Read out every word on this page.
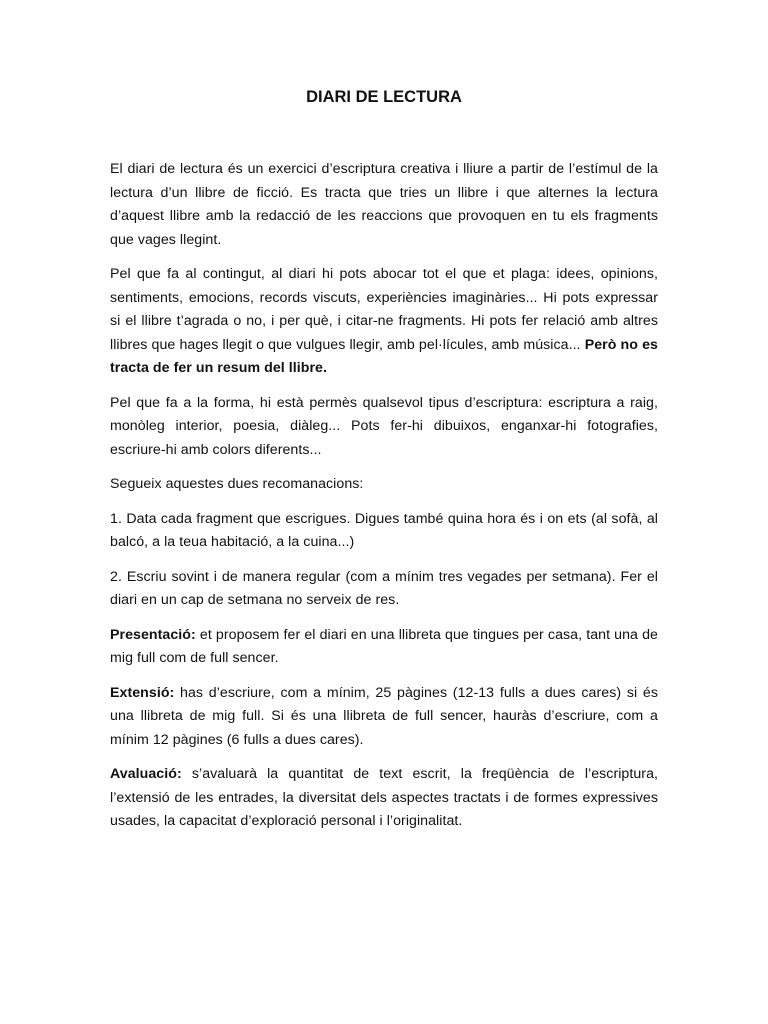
DIARI DE LECTURA

El diari de lectura és un exercici d’escriptura creativa i lliure a partir de l’estímul de la lectura d’un llibre de ficció. Es tracta que tries un llibre i que alternes la lectura d’aquest llibre amb la redacció de les reaccions que provoquen en tu els fragments que vages llegint.

Pel que fa al contingut, al diari hi pots abocar tot el que et plaga: idees, opinions, sentiments, emocions, records viscuts, experiències imaginàries... Hi pots expressar si el llibre t’agrada o no, i per què, i citar-ne fragments. Hi pots fer relació amb altres llibres que hages llegit o que vulgues llegir, amb pel·lícules, amb música... Però no es tracta de fer un resum del llibre.

Pel que fa a la forma, hi està permès qualsevol tipus d’escriptura: escriptura a raig, monòleg interior, poesia, diàleg... Pots fer-hi dibuixos, enganxar-hi fotografies, escriure-hi amb colors diferents...

Segueix aquestes dues recomanacions:

1. Data cada fragment que escrigues. Digues també quina hora és i on ets (al sofà, al balcó, a la teua habitació, a la cuina...)

2. Escriu sovint i de manera regular (com a mínim tres vegades per setmana). Fer el diari en un cap de setmana no serveix de res.

Presentació: et proposem fer el diari en una llibreta que tingues per casa, tant una de mig full com de full sencer.

Extensió: has d’escriure, com a mínim, 25 pàgines (12-13 fulls a dues cares) si és una llibreta de mig full. Si és una llibreta de full sencer, hauràs d’escriure, com a mínim 12 pàgines (6 fulls a dues cares).

Avaluació: s’avaluarà la quantitat de text escrit, la freqüència de l’escriptura, l’extensió de les entrades, la diversitat dels aspectes tractats i de formes expressives usades, la capacitat d’exploració personal i l’originalitat.
